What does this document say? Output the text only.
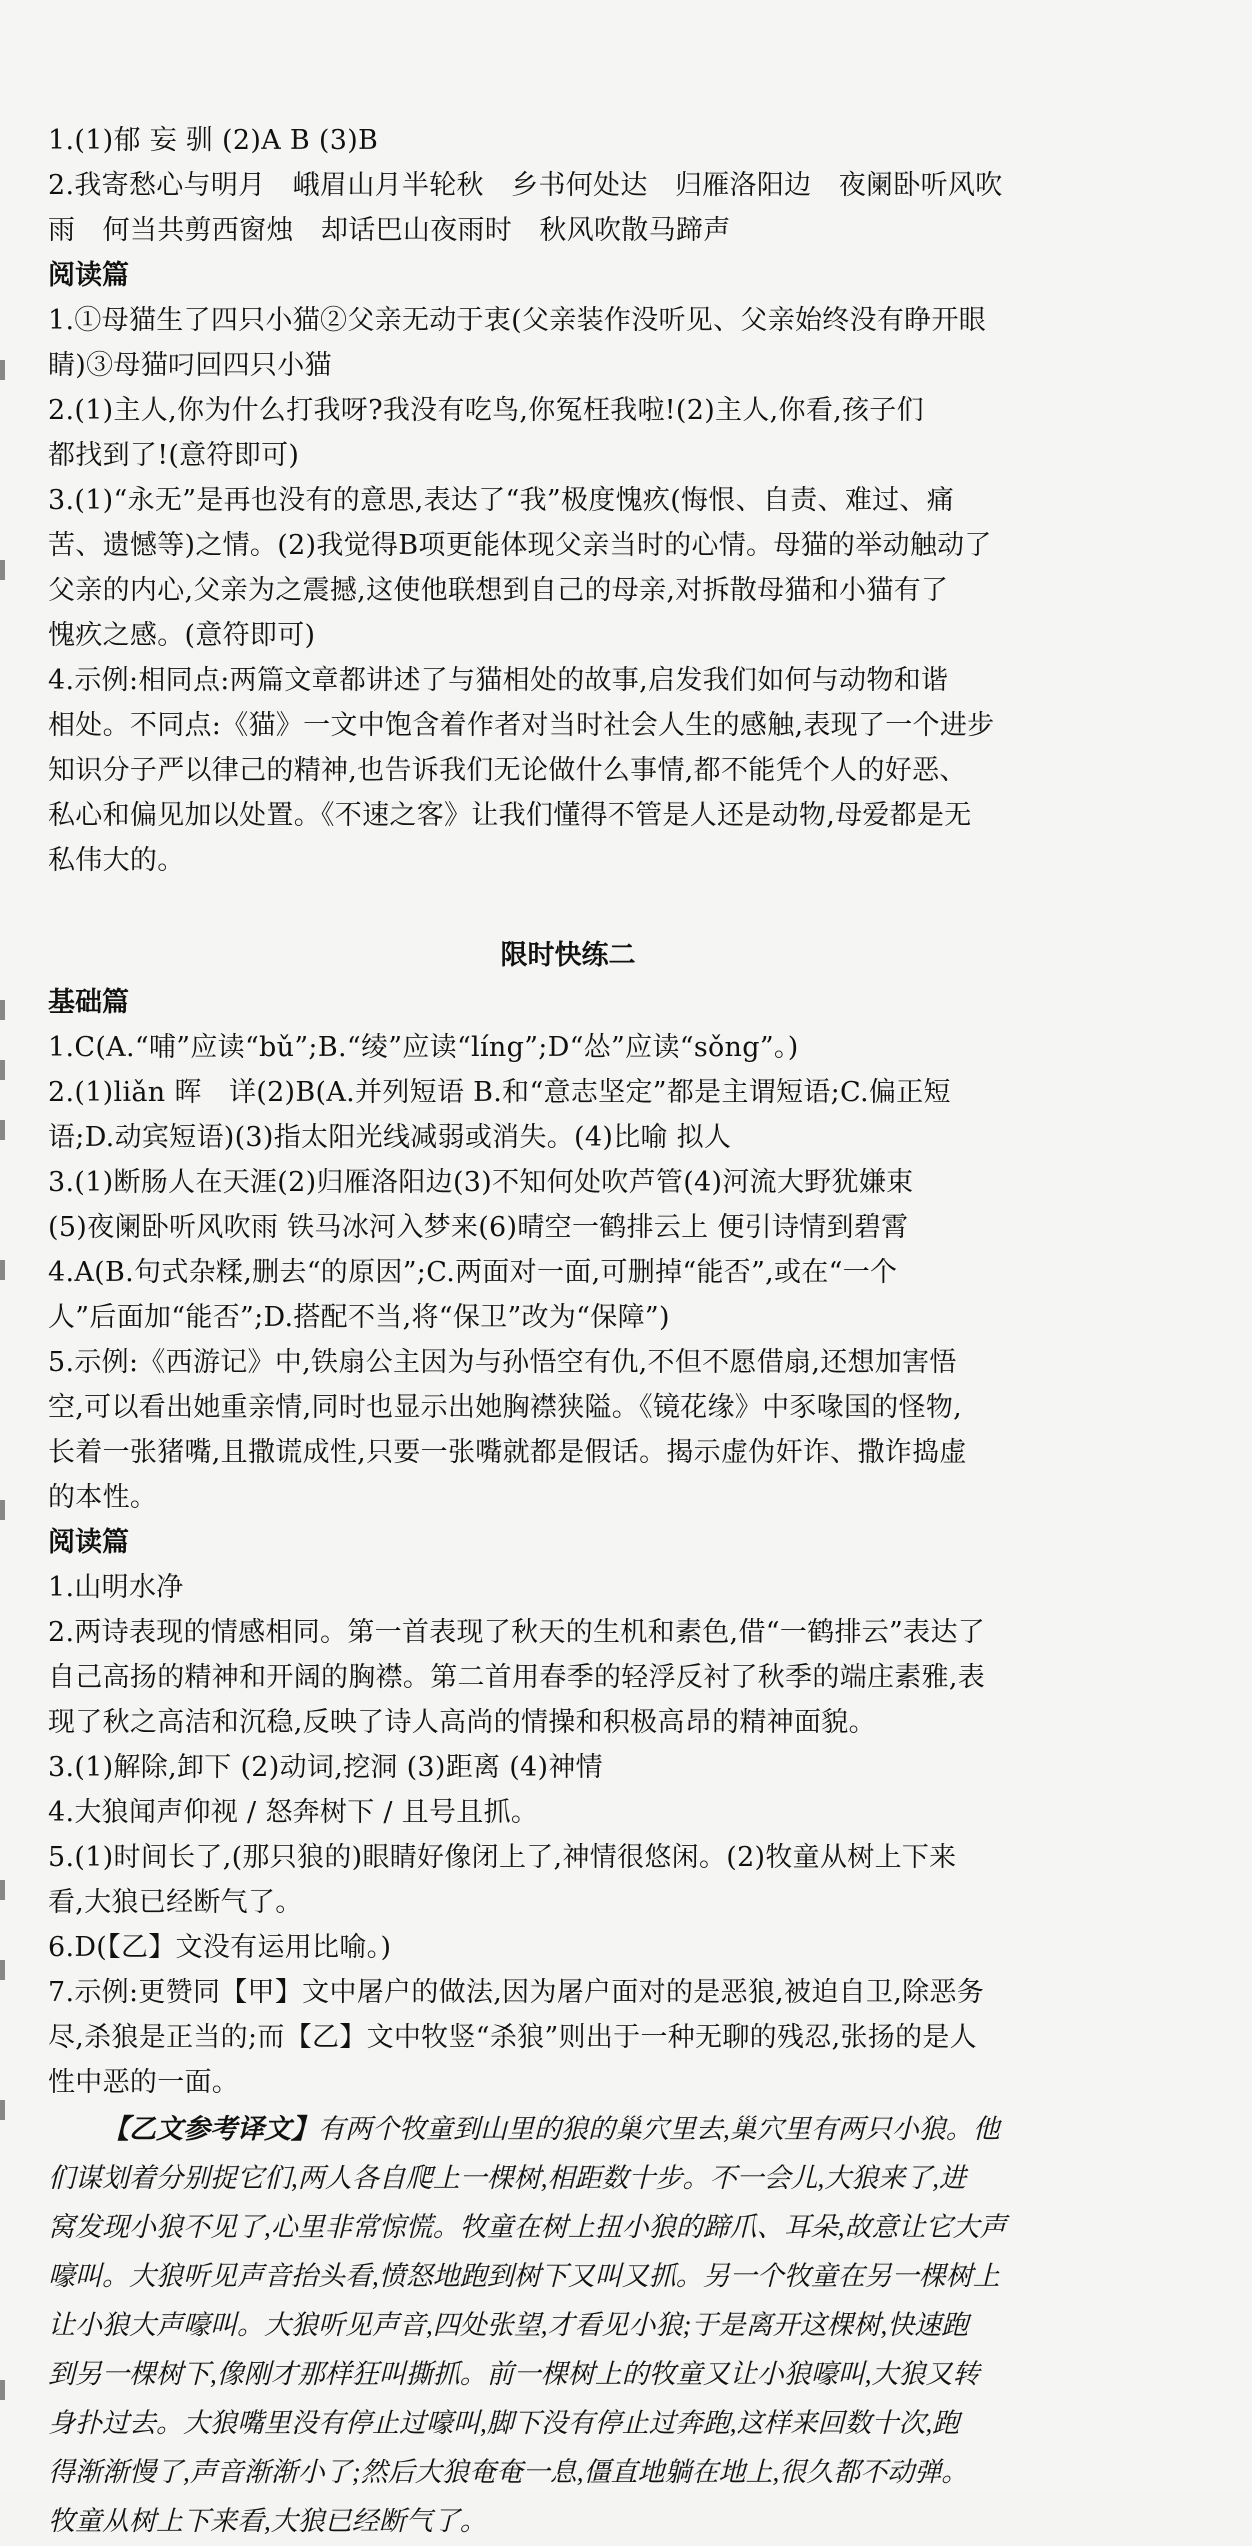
1.(1)郁 妄 驯 (2)A B (3)B

2.我寄愁心与明月　峨眉山月半轮秋　乡书何处达　归雁洛阳边　夜阑卧听风吹

雨　何当共剪西窗烛　却话巴山夜雨时　秋风吹散马蹄声

阅读篇

1.①母猫生了四只小猫②父亲无动于衷(父亲装作没听见、父亲始终没有睁开眼

睛)③母猫叼回四只小猫

2.(1)主人,你为什么打我呀?我没有吃鸟,你冤枉我啦!(2)主人,你看,孩子们

都找到了!(意符即可)

3.(1)“永无”是再也没有的意思,表达了“我”极度愧疚(悔恨、自责、难过、痛

苦、遗憾等)之情。(2)我觉得B项更能体现父亲当时的心情。母猫的举动触动了

父亲的内心,父亲为之震撼,这使他联想到自己的母亲,对拆散母猫和小猫有了

愧疚之感。(意符即可)

4.示例:相同点:两篇文章都讲述了与猫相处的故事,启发我们如何与动物和谐

相处。不同点:《猫》一文中饱含着作者对当时社会人生的感触,表现了一个进步

知识分子严以律己的精神,也告诉我们无论做什么事情,都不能凭个人的好恶、

私心和偏见加以处置。《不速之客》让我们懂得不管是人还是动物,母爱都是无

私伟大的。

限时快练二

基础篇

1.C(A.“哺”应读“bǔ”;B.“绫”应读“líng”;D“怂”应读“sǒng”。)

2.(1)liǎn 晖　详(2)B(A.并列短语 B.和“意志坚定”都是主谓短语;C.偏正短

语;D.动宾短语)(3)指太阳光线减弱或消失。(4)比喻 拟人

3.(1)断肠人在天涯(2)归雁洛阳边(3)不知何处吹芦管(4)河流大野犹嫌束

(5)夜阑卧听风吹雨 铁马冰河入梦来(6)晴空一鹤排云上 便引诗情到碧霄

4.A(B.句式杂糅,删去“的原因”;C.两面对一面,可删掉“能否”,或在“一个

人”后面加“能否”;D.搭配不当,将“保卫”改为“保障”)

5.示例:《西游记》中,铁扇公主因为与孙悟空有仇,不但不愿借扇,还想加害悟

空,可以看出她重亲情,同时也显示出她胸襟狭隘。《镜花缘》中豕喙国的怪物,

长着一张猪嘴,且撒谎成性,只要一张嘴就都是假话。揭示虚伪奸诈、撒诈捣虚

的本性。

阅读篇

1.山明水净

2.两诗表现的情感相同。第一首表现了秋天的生机和素色,借“一鹤排云”表达了

自己高扬的精神和开阔的胸襟。第二首用春季的轻浮反衬了秋季的端庄素雅,表

现了秋之高洁和沉稳,反映了诗人高尚的情操和积极高昂的精神面貌。

3.(1)解除,卸下 (2)动词,挖洞 (3)距离 (4)神情

4.大狼闻声仰视 / 怒奔树下 / 且号且抓。

5.(1)时间长了,(那只狼的)眼睛好像闭上了,神情很悠闲。(2)牧童从树上下来

看,大狼已经断气了。

6.D(【乙】文没有运用比喻。)

7.示例:更赞同【甲】文中屠户的做法,因为屠户面对的是恶狼,被迫自卫,除恶务

尽,杀狼是正当的;而【乙】文中牧竖“杀狼”则出于一种无聊的残忍,张扬的是人

性中恶的一面。

  【乙文参考译文】有两个牧童到山里的狼的巢穴里去,巢穴里有两只小狼。他

们谋划着分别捉它们,两人各自爬上一棵树,相距数十步。不一会儿,大狼来了,进

窝发现小狼不见了,心里非常惊慌。牧童在树上扭小狼的蹄爪、耳朵,故意让它大声

嚎叫。大狼听见声音抬头看,愤怒地跑到树下又叫又抓。另一个牧童在另一棵树上

让小狼大声嚎叫。大狼听见声音,四处张望,才看见小狼;于是离开这棵树,快速跑

到另一棵树下,像刚才那样狂叫撕抓。前一棵树上的牧童又让小狼嚎叫,大狼又转

身扑过去。大狼嘴里没有停止过嚎叫,脚下没有停止过奔跑,这样来回数十次,跑

得渐渐慢了,声音渐渐小了;然后大狼奄奄一息,僵直地躺在地上,很久都不动弹。

牧童从树上下来看,大狼已经断气了。
